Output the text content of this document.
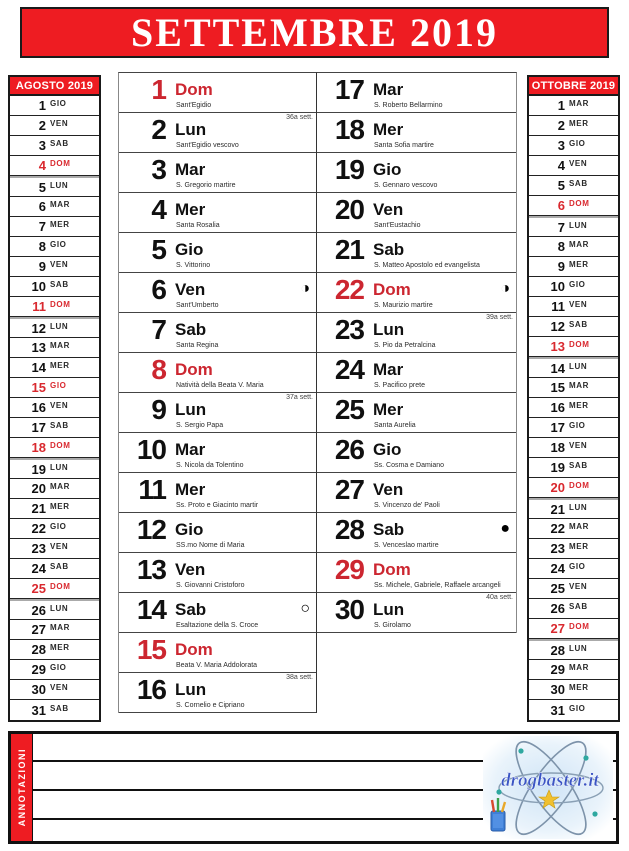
SETTEMBRE 2019
AGOSTO 2019
1 GIO
2 VEN
3 SAB
4 DOM
5 LUN
6 MAR
7 MER
8 GIO
9 VEN
10 SAB
11 DOM
12 LUN
13 MAR
14 MER
15 GIO
16 VEN
17 SAB
18 DOM
19 LUN
20 MAR
21 MER
22 GIO
23 VEN
24 SAB
25 DOM
26 LUN
27 MAR
28 MER
29 GIO
30 VEN
31 SAB
OTTOBRE 2019
1 MAR
2 MER
3 GIO
4 VEN
5 SAB
6 DOM
7 LUN
8 MAR
9 MER
10 GIO
11 VEN
12 SAB
13 DOM
14 LUN
15 MAR
16 MER
17 GIO
18 VEN
19 SAB
20 DOM
21 LUN
22 MAR
23 MER
24 GIO
25 VEN
26 SAB
27 DOM
28 LUN
29 MAR
30 MER
31 GIO
1 Dom
Sant'Egidio
36a sett.
2 Lun
Sant'Egidio vescovo
3 Mar
S. Gregorio martire
4 Mer
Santa Rosalia
5 Gio
S. Vittorino
6 Ven
Sant'Umberto
◑
7 Sab
Santa Regina
8 Dom
Natività della Beata V. Maria
37a sett.
9 Lun
S. Sergio Papa
10 Mar
S. Nicola da Tolentino
11 Mer
Ss. Proto e Giacinto martir
12 Gio
SS.mo Nome di Maria
13 Ven
S. Giovanni Cristoforo
14 Sab
Esaltazione della S. Croce
○
15 Dom
Beata V. Maria Addolorata
38a sett.
16 Lun
S. Cornelio e Cipriano
17 Mar
S. Roberto Bellarmino
18 Mer
Santa Sofia martire
19 Gio
S. Gennaro vescovo
20 Ven
Sant'Eustachio
21 Sab
S. Matteo Apostolo ed evangelista
22 Dom
S. Maurizio martire
◑
39a sett.
23 Lun
S. Pio da Petralcina
24 Mar
S. Pacifico prete
25 Mer
Santa Aurelia
26 Gio
Ss. Cosma e Damiano
27 Ven
S. Vincenzo de' Paoli
28 Sab
S. Venceslao martire
●
29 Dom
Ss. Michele, Gabriele, Raffaele arcangeli
40a sett.
30 Lun
S. Girolamo
ANNOTAZIONI	drogbaster.it
